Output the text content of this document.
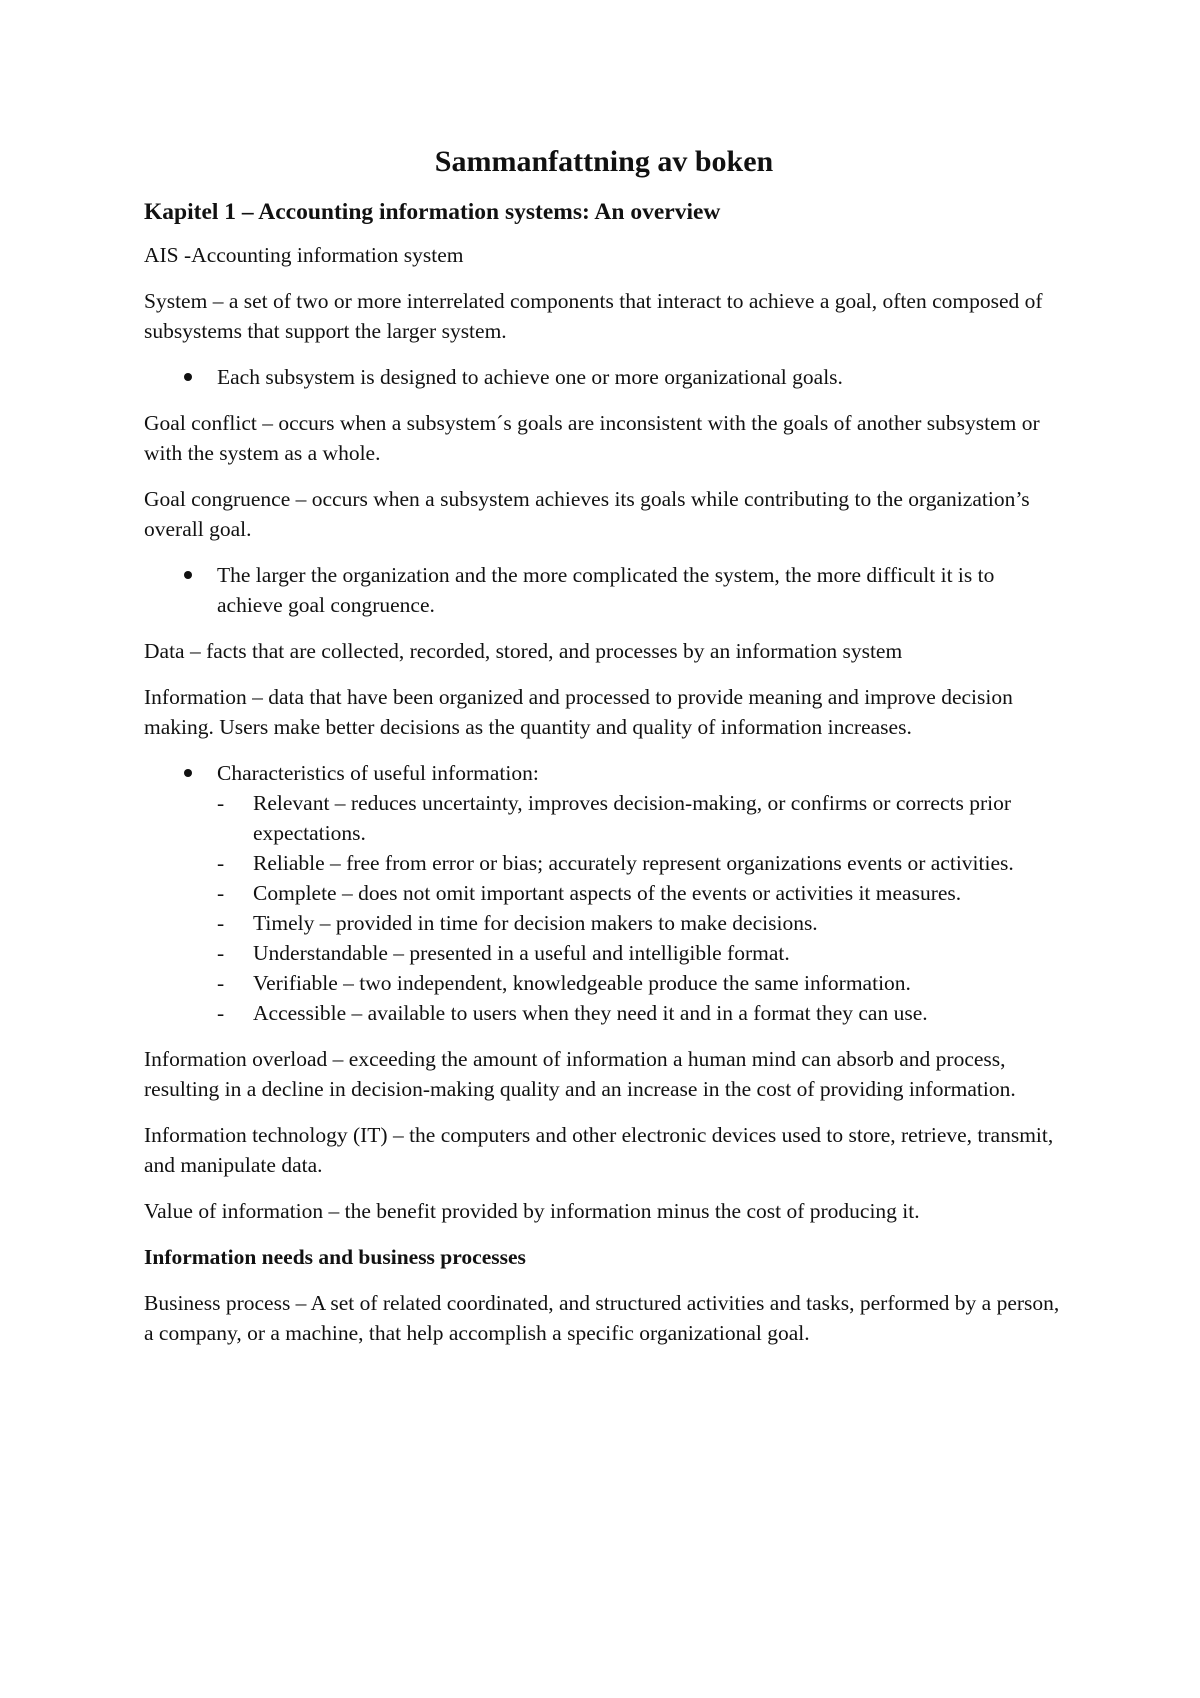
Sammanfattning av boken
Kapitel 1 – Accounting information systems: An overview

AIS -Accounting information system

System – a set of two or more interrelated components that interact to achieve a goal, often composed of subsystems that support the larger system.

Each subsystem is designed to achieve one or more organizational goals.

Goal conflict – occurs when a subsystem´s goals are inconsistent with the goals of another subsystem or with the system as a whole.

Goal congruence – occurs when a subsystem achieves its goals while contributing to the organization’s overall goal.

The larger the organization and the more complicated the system, the more difficult it is to achieve goal congruence.

Data – facts that are collected, recorded, stored, and processes by an information system

Information – data that have been organized and processed to provide meaning and improve decision making. Users make better decisions as the quantity and quality of information increases.

Characteristics of useful information:
- Relevant – reduces uncertainty, improves decision-making, or confirms or corrects prior expectations.
- Reliable – free from error or bias; accurately represent organizations events or activities.
- Complete – does not omit important aspects of the events or activities it measures.
- Timely – provided in time for decision makers to make decisions.
- Understandable – presented in a useful and intelligible format.
- Verifiable – two independent, knowledgeable produce the same information.
- Accessible – available to users when they need it and in a format they can use.

Information overload – exceeding the amount of information a human mind can absorb and process, resulting in a decline in decision-making quality and an increase in the cost of providing information.

Information technology (IT) – the computers and other electronic devices used to store, retrieve, transmit, and manipulate data.

Value of information – the benefit provided by information minus the cost of producing it.

Information needs and business processes

Business process – A set of related coordinated, and structured activities and tasks, performed by a person, a company, or a machine, that help accomplish a specific organizational goal.
